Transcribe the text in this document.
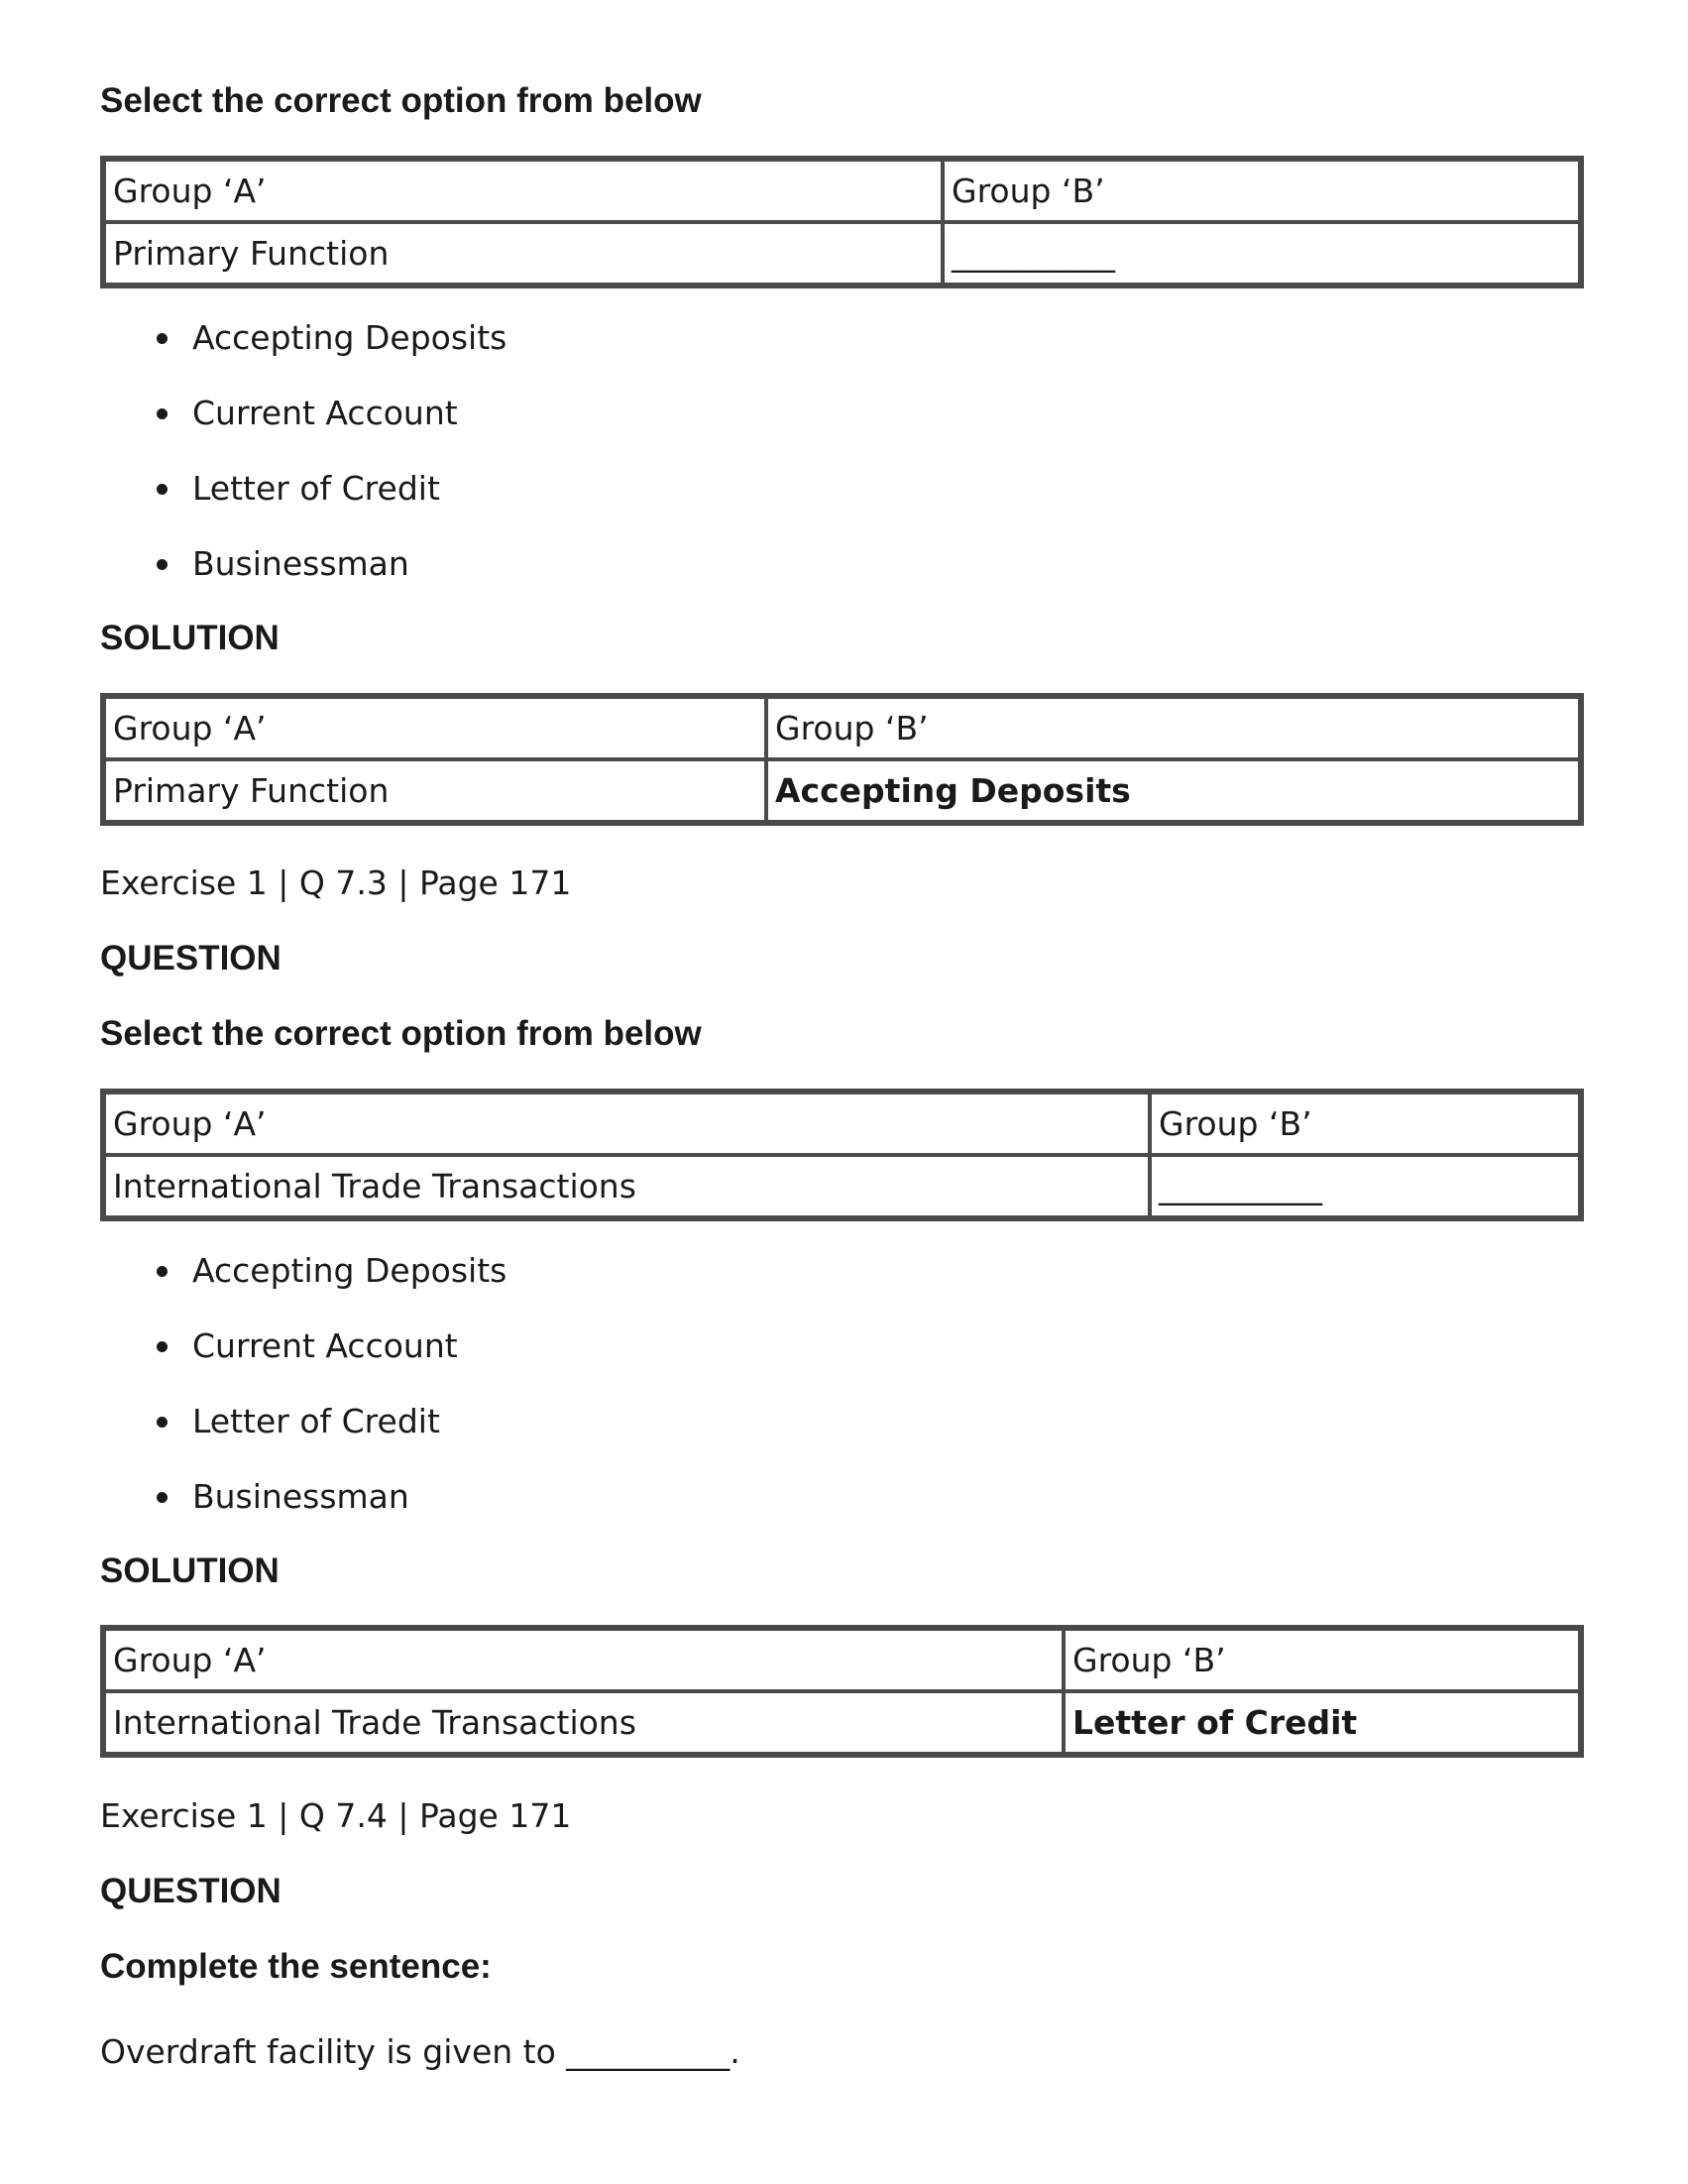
Select the correct option from below
Group ‘A’	Group ‘B’
Primary Function	__________
Accepting Deposits
Current Account
Letter of Credit
Businessman
SOLUTION
Group ‘A’	Group ‘B’
Primary Function	Accepting Deposits
Exercise 1 | Q 7.3 | Page 171
QUESTION
Select the correct option from below
Group ‘A’	Group ‘B’
International Trade Transactions	__________
Accepting Deposits
Current Account
Letter of Credit
Businessman
SOLUTION
Group ‘A’	Group ‘B’
International Trade Transactions	Letter of Credit
Exercise 1 | Q 7.4 | Page 171
QUESTION
Complete the sentence:
Overdraft facility is given to __________.
